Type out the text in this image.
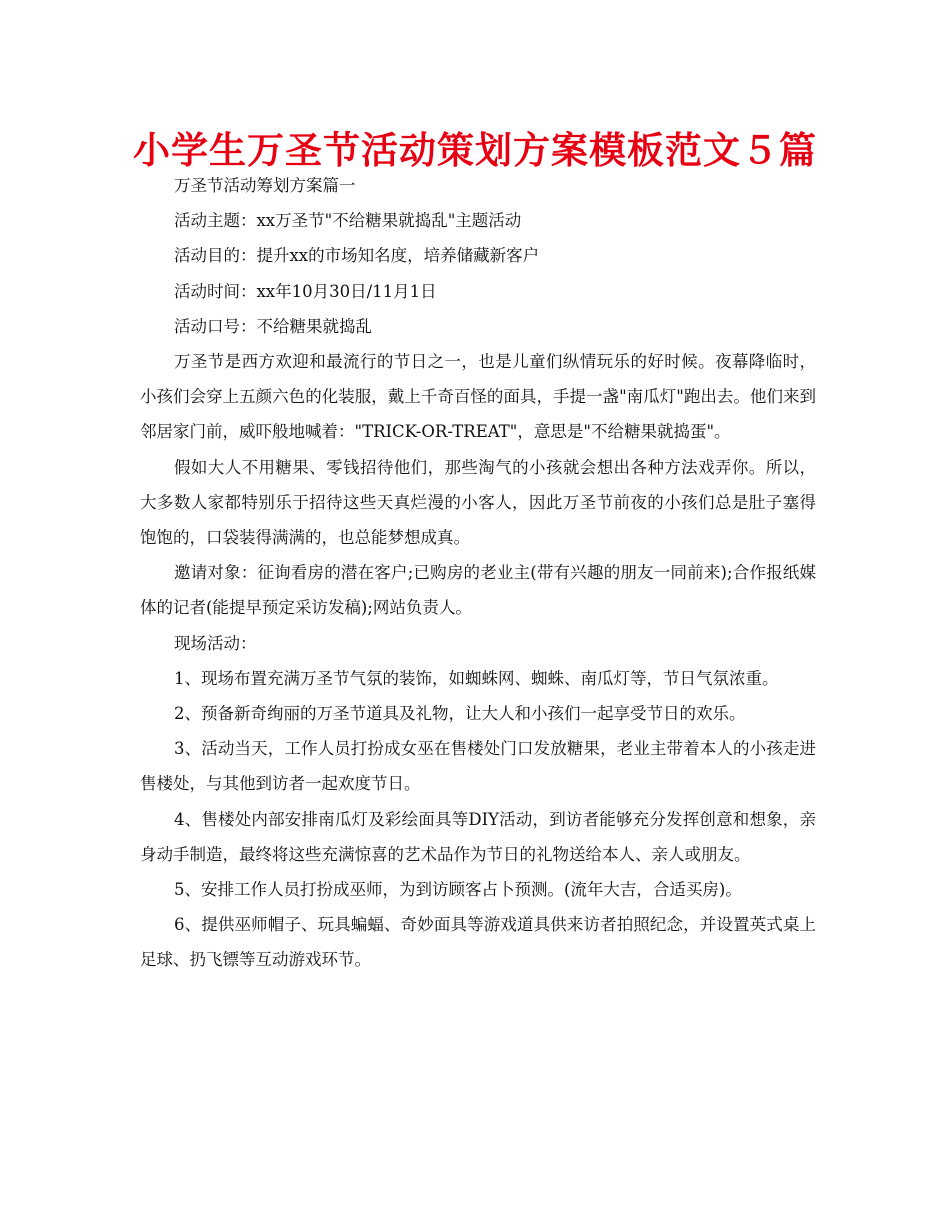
小学生万圣节活动策划方案模板范文５篇

万圣节活动筹划方案篇一

活动主题：xx万圣节"不给糖果就捣乱"主题活动

活动目的：提升xx的市场知名度，培养储藏新客户

活动时间：xx年10月30日/11月1日

活动口号：不给糖果就捣乱

万圣节是西方欢迎和最流行的节日之一，也是儿童们纵情玩乐的好时候。夜幕降临时，小孩们会穿上五颜六色的化装服，戴上千奇百怪的面具，手提一盏"南瓜灯"跑出去。他们来到邻居家门前，威吓般地喊着："TRICK-OR-TREAT"，意思是"不给糖果就捣蛋"。

假如大人不用糖果、零钱招待他们，那些淘气的小孩就会想出各种方法戏弄你。所以，大多数人家都特别乐于招待这些天真烂漫的小客人，因此万圣节前夜的小孩们总是肚子塞得饱饱的，口袋装得满满的，也总能梦想成真。

邀请对象：征询看房的潜在客户;已购房的老业主(带有兴趣的朋友一同前来);合作报纸媒体的记者(能提早预定采访发稿);网站负责人。

现场活动：

1、现场布置充满万圣节气氛的装饰，如蜘蛛网、蜘蛛、南瓜灯等，节日气氛浓重。

2、预备新奇绚丽的万圣节道具及礼物，让大人和小孩们一起享受节日的欢乐。

3、活动当天，工作人员打扮成女巫在售楼处门口发放糖果，老业主带着本人的小孩走进售楼处，与其他到访者一起欢度节日。

4、售楼处内部安排南瓜灯及彩绘面具等DIY活动，到访者能够充分发挥创意和想象，亲身动手制造，最终将这些充满惊喜的艺术品作为节日的礼物送给本人、亲人或朋友。

5、安排工作人员打扮成巫师，为到访顾客占卜预测。(流年大吉，合适买房)。

6、提供巫师帽子、玩具蝙蝠、奇妙面具等游戏道具供来访者拍照纪念，并设置英式桌上足球、扔飞镖等互动游戏环节。
